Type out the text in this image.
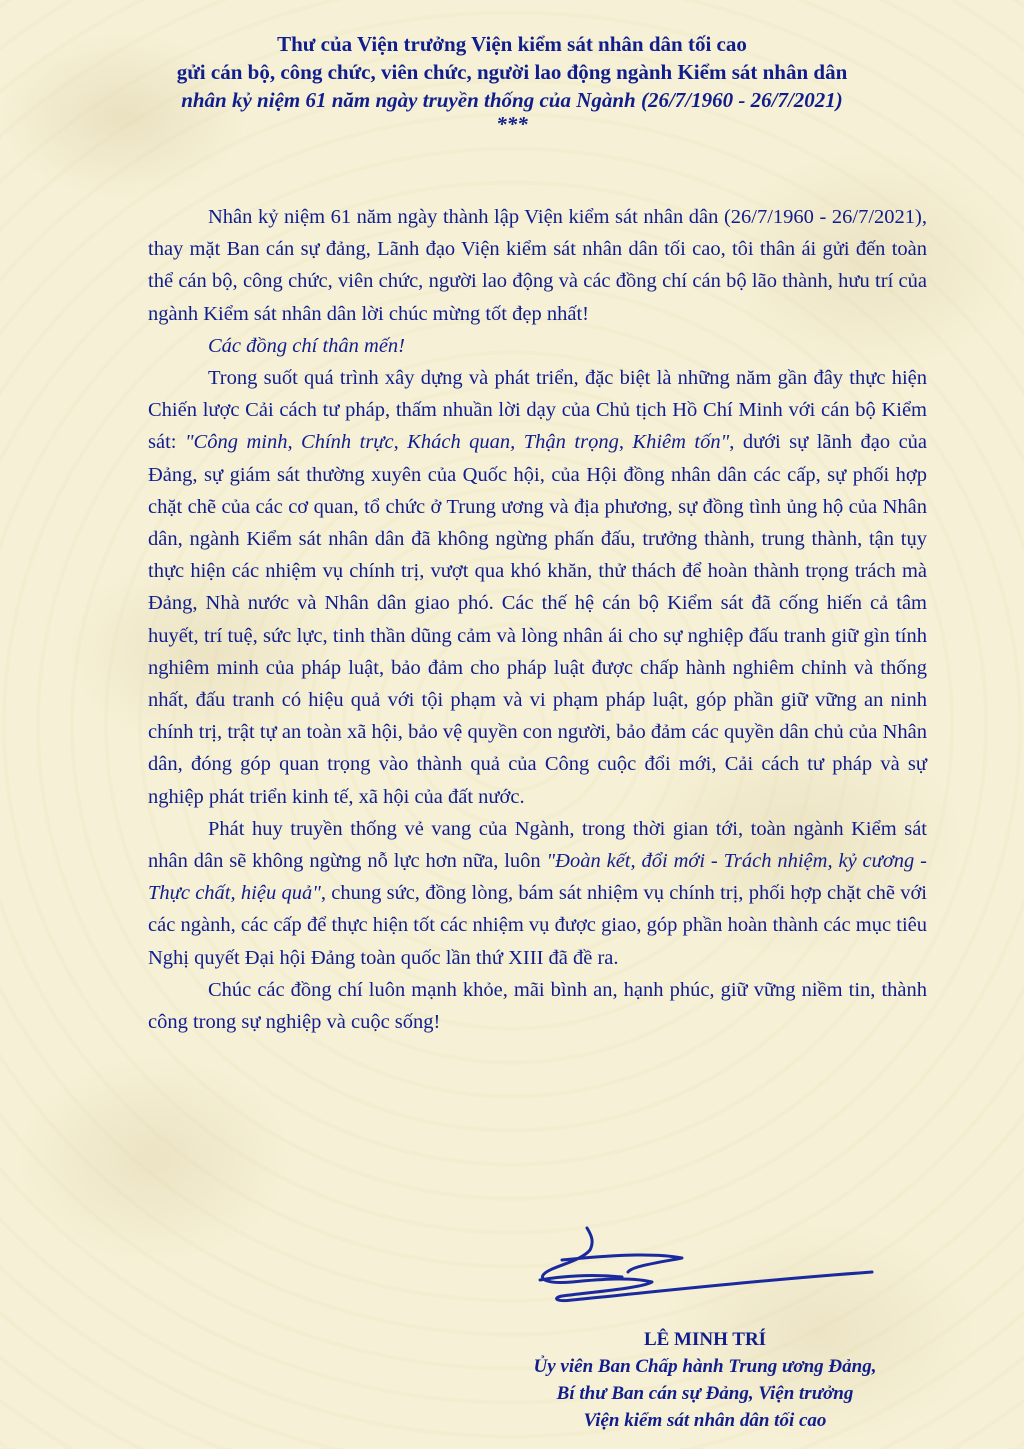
Thư của Viện trưởng Viện kiểm sát nhân dân tối cao
gửi cán bộ, công chức, viên chức, người lao động ngành Kiểm sát nhân dân
nhân kỷ niệm 61 năm ngày truyền thống của Ngành (26/7/1960 - 26/7/2021)
***

Nhân kỷ niệm 61 năm ngày thành lập Viện kiểm sát nhân dân (26/7/1960 - 26/7/2021), thay mặt Ban cán sự đảng, Lãnh đạo Viện kiểm sát nhân dân tối cao, tôi thân ái gửi đến toàn thể cán bộ, công chức, viên chức, người lao động và các đồng chí cán bộ lão thành, hưu trí của ngành Kiểm sát nhân dân lời chúc mừng tốt đẹp nhất!

Các đồng chí thân mến!

Trong suốt quá trình xây dựng và phát triển, đặc biệt là những năm gần đây thực hiện Chiến lược Cải cách tư pháp, thấm nhuần lời dạy của Chủ tịch Hồ Chí Minh với cán bộ Kiểm sát: "Công minh, Chính trực, Khách quan, Thận trọng, Khiêm tốn", dưới sự lãnh đạo của Đảng, sự giám sát thường xuyên của Quốc hội, của Hội đồng nhân dân các cấp, sự phối hợp chặt chẽ của các cơ quan, tổ chức ở Trung ương và địa phương, sự đồng tình ủng hộ của Nhân dân, ngành Kiểm sát nhân dân đã không ngừng phấn đấu, trưởng thành, trung thành, tận tụy thực hiện các nhiệm vụ chính trị, vượt qua khó khăn, thử thách để hoàn thành trọng trách mà Đảng, Nhà nước và Nhân dân giao phó. Các thế hệ cán bộ Kiểm sát đã cống hiến cả tâm huyết, trí tuệ, sức lực, tinh thần dũng cảm và lòng nhân ái cho sự nghiệp đấu tranh giữ gìn tính nghiêm minh của pháp luật, bảo đảm cho pháp luật được chấp hành nghiêm chỉnh và thống nhất, đấu tranh có hiệu quả với tội phạm và vi phạm pháp luật, góp phần giữ vững an ninh chính trị, trật tự an toàn xã hội, bảo vệ quyền con người, bảo đảm các quyền dân chủ của Nhân dân, đóng góp quan trọng vào thành quả của Công cuộc đổi mới, Cải cách tư pháp và sự nghiệp phát triển kinh tế, xã hội của đất nước.

Phát huy truyền thống vẻ vang của Ngành, trong thời gian tới, toàn ngành Kiểm sát nhân dân sẽ không ngừng nỗ lực hơn nữa, luôn "Đoàn kết, đổi mới - Trách nhiệm, kỷ cương - Thực chất, hiệu quả", chung sức, đồng lòng, bám sát nhiệm vụ chính trị, phối hợp chặt chẽ với các ngành, các cấp để thực hiện tốt các nhiệm vụ được giao, góp phần hoàn thành các mục tiêu Nghị quyết Đại hội Đảng toàn quốc lần thứ XIII đã đề ra.

Chúc các đồng chí luôn mạnh khỏe, mãi bình an, hạnh phúc, giữ vững niềm tin, thành công trong sự nghiệp và cuộc sống!

LÊ MINH TRÍ
Ủy viên Ban Chấp hành Trung ương Đảng,
Bí thư Ban cán sự Đảng, Viện trưởng
Viện kiểm sát nhân dân tối cao
